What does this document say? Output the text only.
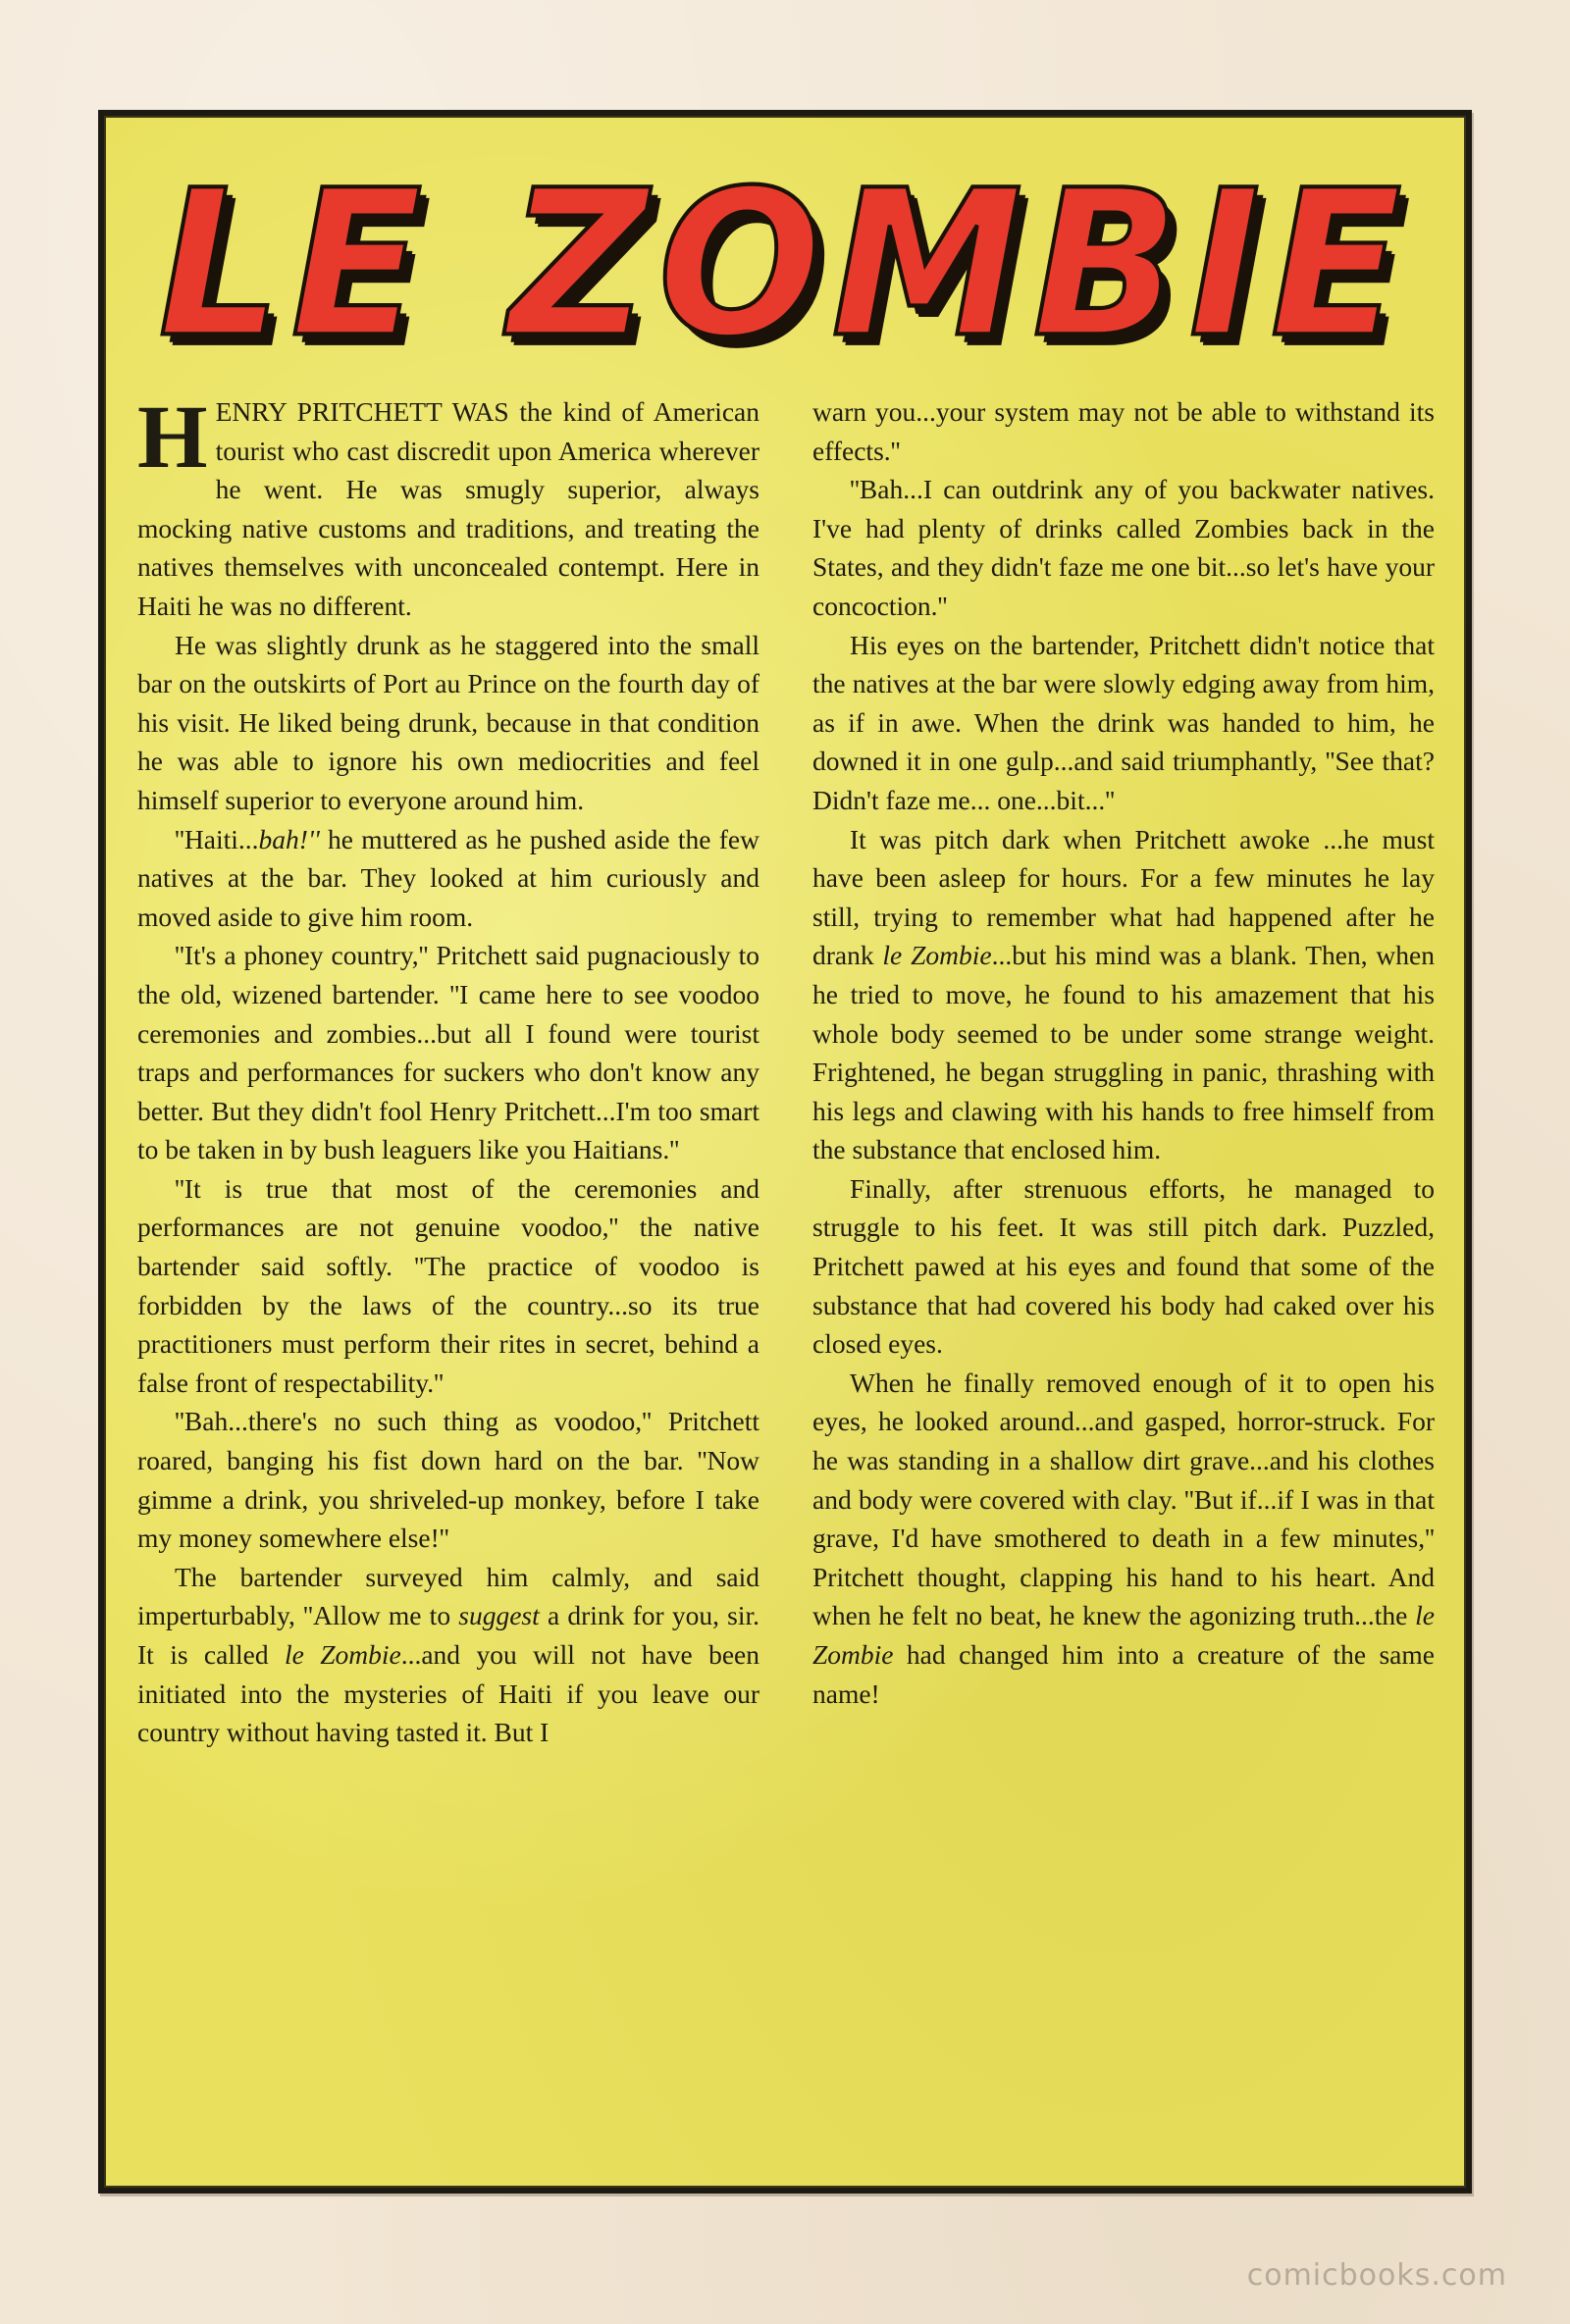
LE ZOMBIE

HENRY PRITCHETT WAS the kind of American tourist who cast discredit upon America wherever he went. He was smugly superior, always mocking native customs and traditions, and treating the natives themselves with unconcealed contempt. Here in Haiti he was no different.

He was slightly drunk as he staggered into the small bar on the outskirts of Port au Prince on the fourth day of his visit. He liked being drunk, because in that condition he was able to ignore his own mediocrities and feel himself superior to everyone around him.

''Haiti...bah!'' he muttered as he pushed aside the few natives at the bar. They looked at him curiously and moved aside to give him room.

''It's a phoney country,'' Pritchett said pugnaciously to the old, wizened bartender. ''I came here to see voodoo ceremonies and zombies...but all I found were tourist traps and performances for suckers who don't know any better. But they didn't fool Henry Pritchett...I'm too smart to be taken in by bush leaguers like you Haitians.''

''It is true that most of the ceremonies and performances are not genuine voodoo,'' the native bartender said softly. ''The practice of voodoo is forbidden by the laws of the country...so its true practitioners must perform their rites in secret, behind a false front of respectability.''

''Bah...there's no such thing as voodoo,'' Pritchett roared, banging his fist down hard on the bar. ''Now gimme a drink, you shriveled-up monkey, before I take my money somewhere else!''

The bartender surveyed him calmly, and said imperturbably, ''Allow me to suggest a drink for you, sir. It is called le Zombie...and you will not have been initiated into the mysteries of Haiti if you leave our country without having tasted it. But I

warn you...your system may not be able to withstand its effects.''

''Bah...I can outdrink any of you backwater natives. I've had plenty of drinks called Zombies back in the States, and they didn't faze me one bit...so let's have your concoction.''

His eyes on the bartender, Pritchett didn't notice that the natives at the bar were slowly edging away from him, as if in awe. When the drink was handed to him, he downed it in one gulp...and said triumphantly, ''See that? Didn't faze me... one...bit...''

It was pitch dark when Pritchett awoke ...he must have been asleep for hours. For a few minutes he lay still, trying to remember what had happened after he drank le Zombie...but his mind was a blank. Then, when he tried to move, he found to his amazement that his whole body seemed to be under some strange weight. Frightened, he began struggling in panic, thrashing with his legs and clawing with his hands to free himself from the substance that enclosed him.

Finally, after strenuous efforts, he managed to struggle to his feet. It was still pitch dark. Puzzled, Pritchett pawed at his eyes and found that some of the substance that had covered his body had caked over his closed eyes.

When he finally removed enough of it to open his eyes, he looked around...and gasped, horror-struck. For he was standing in a shallow dirt grave...and his clothes and body were covered with clay. ''But if...if I was in that grave, I'd have smothered to death in a few minutes,'' Pritchett thought, clapping his hand to his heart. And when he felt no beat, he knew the agonizing truth...the le Zombie had changed him into a creature of the same name!

comicbooks.com
